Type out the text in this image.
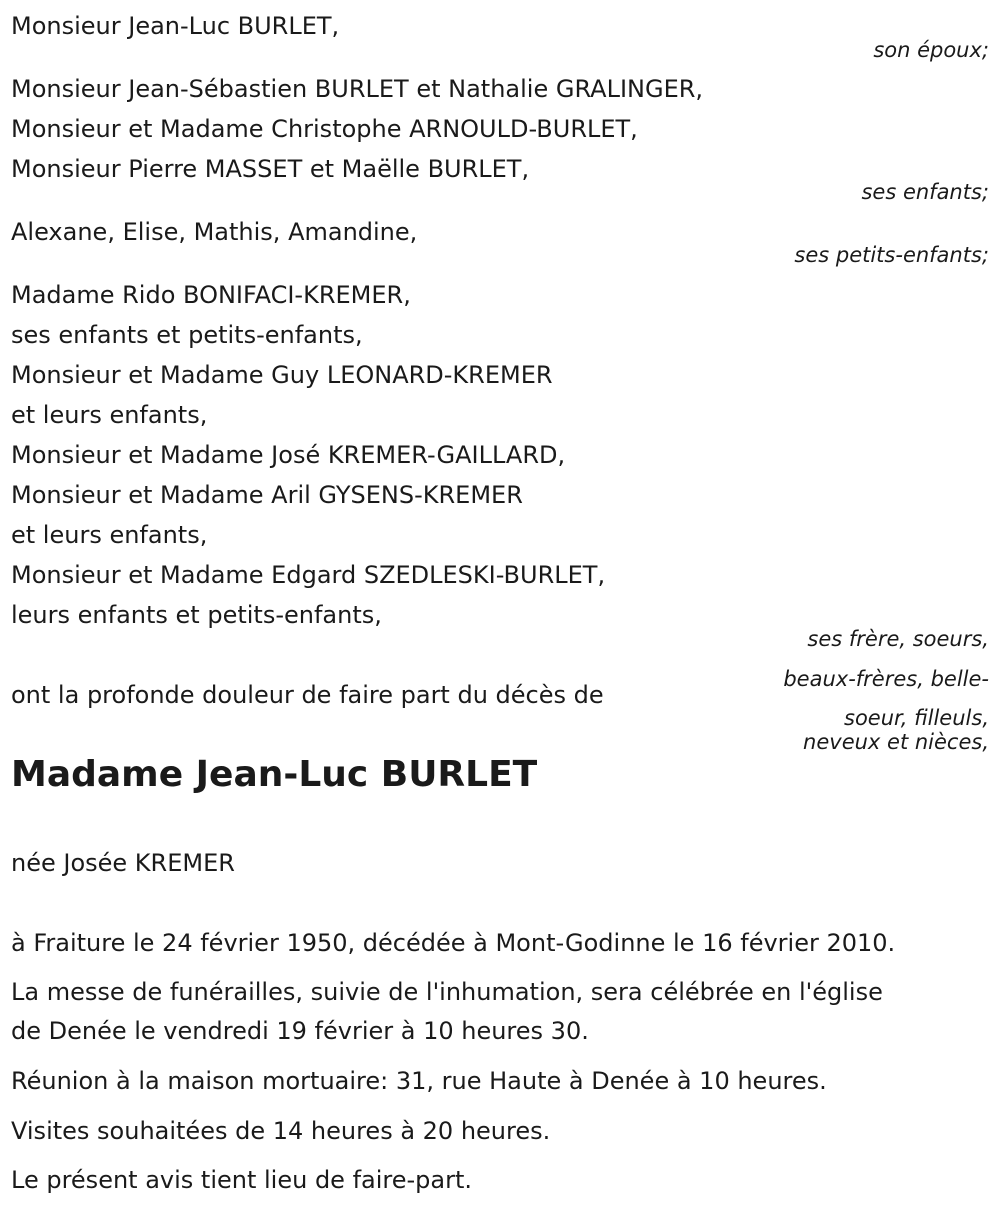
Monsieur Jean-Luc BURLET,
son époux;
Monsieur Jean-Sébastien BURLET et Nathalie GRALINGER,
Monsieur et Madame Christophe ARNOULD-BURLET,
Monsieur Pierre MASSET et Maëlle BURLET,
ses enfants;
Alexane, Elise, Mathis, Amandine,
ses petits-enfants;
Madame Rido BONIFACI-KREMER,
ses enfants et petits-enfants,
Monsieur et Madame Guy LEONARD-KREMER
et leurs enfants,
Monsieur et Madame José KREMER-GAILLARD,
Monsieur et Madame Aril GYSENS-KREMER
et leurs enfants,
Monsieur et Madame Edgard SZEDLESKI-BURLET,
leurs enfants et petits-enfants,
ses frère, soeurs,
beaux-frères, belle-
soeur, filleuls,
neveux et nièces,
ont la profonde douleur de faire part du décès de
Madame Jean-Luc BURLET
née Josée KREMER
à Fraiture le 24 février 1950, décédée à Mont-Godinne le 16 février 2010.
La messe de funérailles, suivie de l'inhumation, sera célébrée en l'église
de Denée le vendredi 19 février à 10 heures 30.
Réunion à la maison mortuaire: 31, rue Haute à Denée à 10 heures.
Visites souhaitées de 14 heures à 20 heures.
Le présent avis tient lieu de faire-part.
